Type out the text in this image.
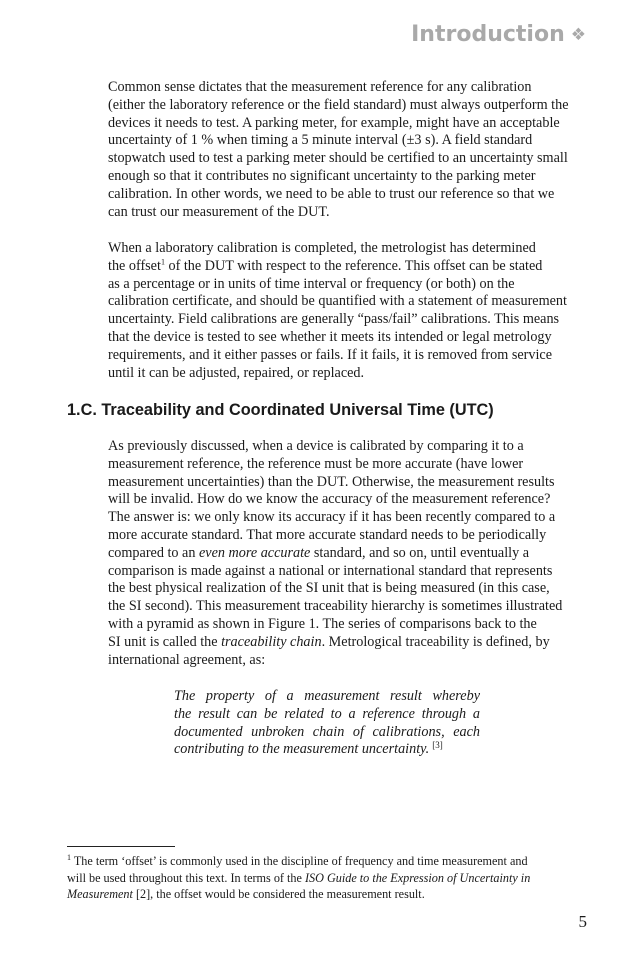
Introduction ❖

Common sense dictates that the measurement reference for any calibration
(either the laboratory reference or the field standard) must always outperform the
devices it needs to test. A parking meter, for example, might have an acceptable
uncertainty of 1 % when timing a 5 minute interval (±3 s). A field standard
stopwatch used to test a parking meter should be certified to an uncertainty small
enough so that it contributes no significant uncertainty to the parking meter
calibration. In other words, we need to be able to trust our reference so that we
can trust our measurement of the DUT.

When a laboratory calibration is completed, the metrologist has determined
the offset$^1$ of the DUT with respect to the reference. This offset can be stated
as a percentage or in units of time interval or frequency (or both) on the
calibration certificate, and should be quantified with a statement of measurement
uncertainty. Field calibrations are generally “pass/fail” calibrations. This means
that the device is tested to see whether it meets its intended or legal metrology
requirements, and it either passes or fails. If it fails, it is removed from service
until it can be adjusted, repaired, or replaced.

1.C. Traceability and Coordinated Universal Time (UTC)

As previously discussed, when a device is calibrated by comparing it to a
measurement reference, the reference must be more accurate (have lower
measurement uncertainties) than the DUT. Otherwise, the measurement results
will be invalid. How do we know the accuracy of the measurement reference?
The answer is: we only know its accuracy if it has been recently compared to a
more accurate standard. That more accurate standard needs to be periodically
compared to an even more accurate standard, and so on, until eventually a
comparison is made against a national or international standard that represents
the best physical realization of the SI unit that is being measured (in this case,
the SI second). This measurement traceability hierarchy is sometimes illustrated
with a pyramid as shown in Figure 1. The series of comparisons back to the
SI unit is called the traceability chain. Metrological traceability is defined, by
international agreement, as:

The property of a measurement result whereby
the result can be related to a reference through a
documented unbroken chain of calibrations, each
contributing to the measurement uncertainty. [3]

$^1$ The term ‘offset’ is commonly used in the discipline of frequency and time measurement and
will be used throughout this text. In terms of the ISO Guide to the Expression of Uncertainty in
Measurement [2], the offset would be considered the measurement result.

5
